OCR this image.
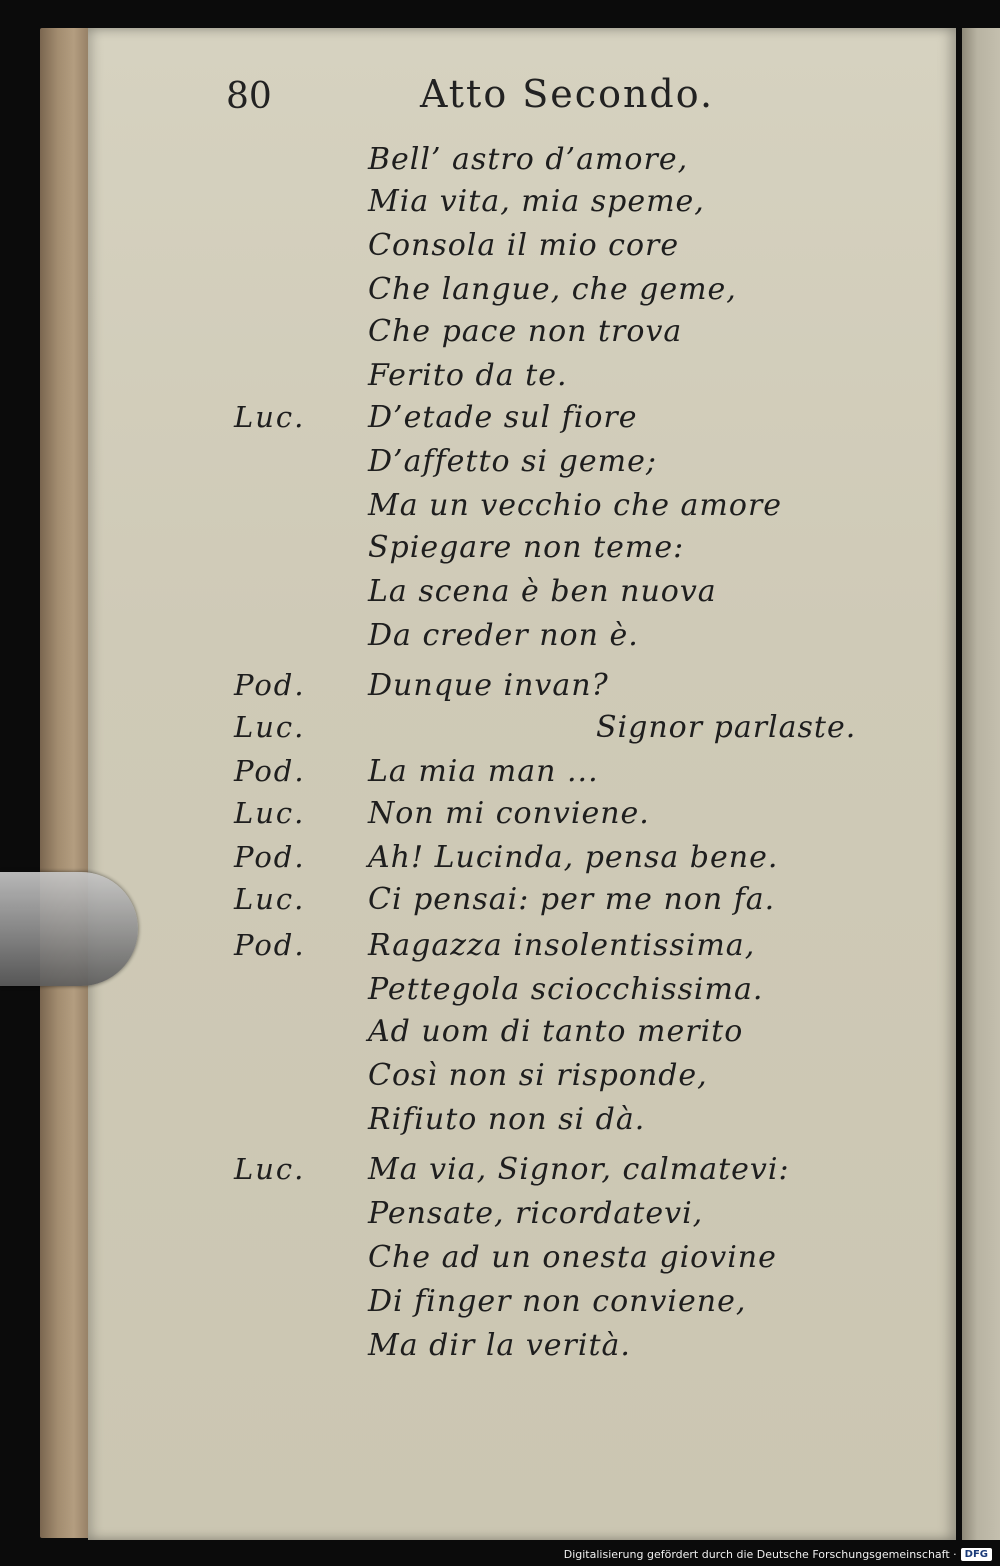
80	Atto Secondo.
Bell’ astro d’amore,
Mia vita, mia speme,
Consola il mio core
Che langue, che geme,
Che pace non trova
Ferito da te.
Luc. D’etade sul fiore
D’affetto si geme;
Ma un vecchio che amore
Spiegare non teme:
La scena è ben nuova
Da creder non è.
Pod. Dunque invan?
Luc.	Signor parlaste.
Pod. La mia man ...
Luc. Non mi conviene.
Pod. Ah! Lucinda, pensa bene.
Luc. Ci pensai: per me non fa.
Pod. Ragazza insolentissima,
Pettegola sciocchissima.
Ad uom di tanto merito
Così non si risponde,
Rifiuto non si dà.
Luc. Ma via, Signor, calmatevi:
Pensate, ricordatevi,
Che ad un onesta giovine
Di finger non conviene,
Ma dir la verità.
Digitalisierung gefördert durch die Deutsche Forschungsgemeinschaft · DFG
